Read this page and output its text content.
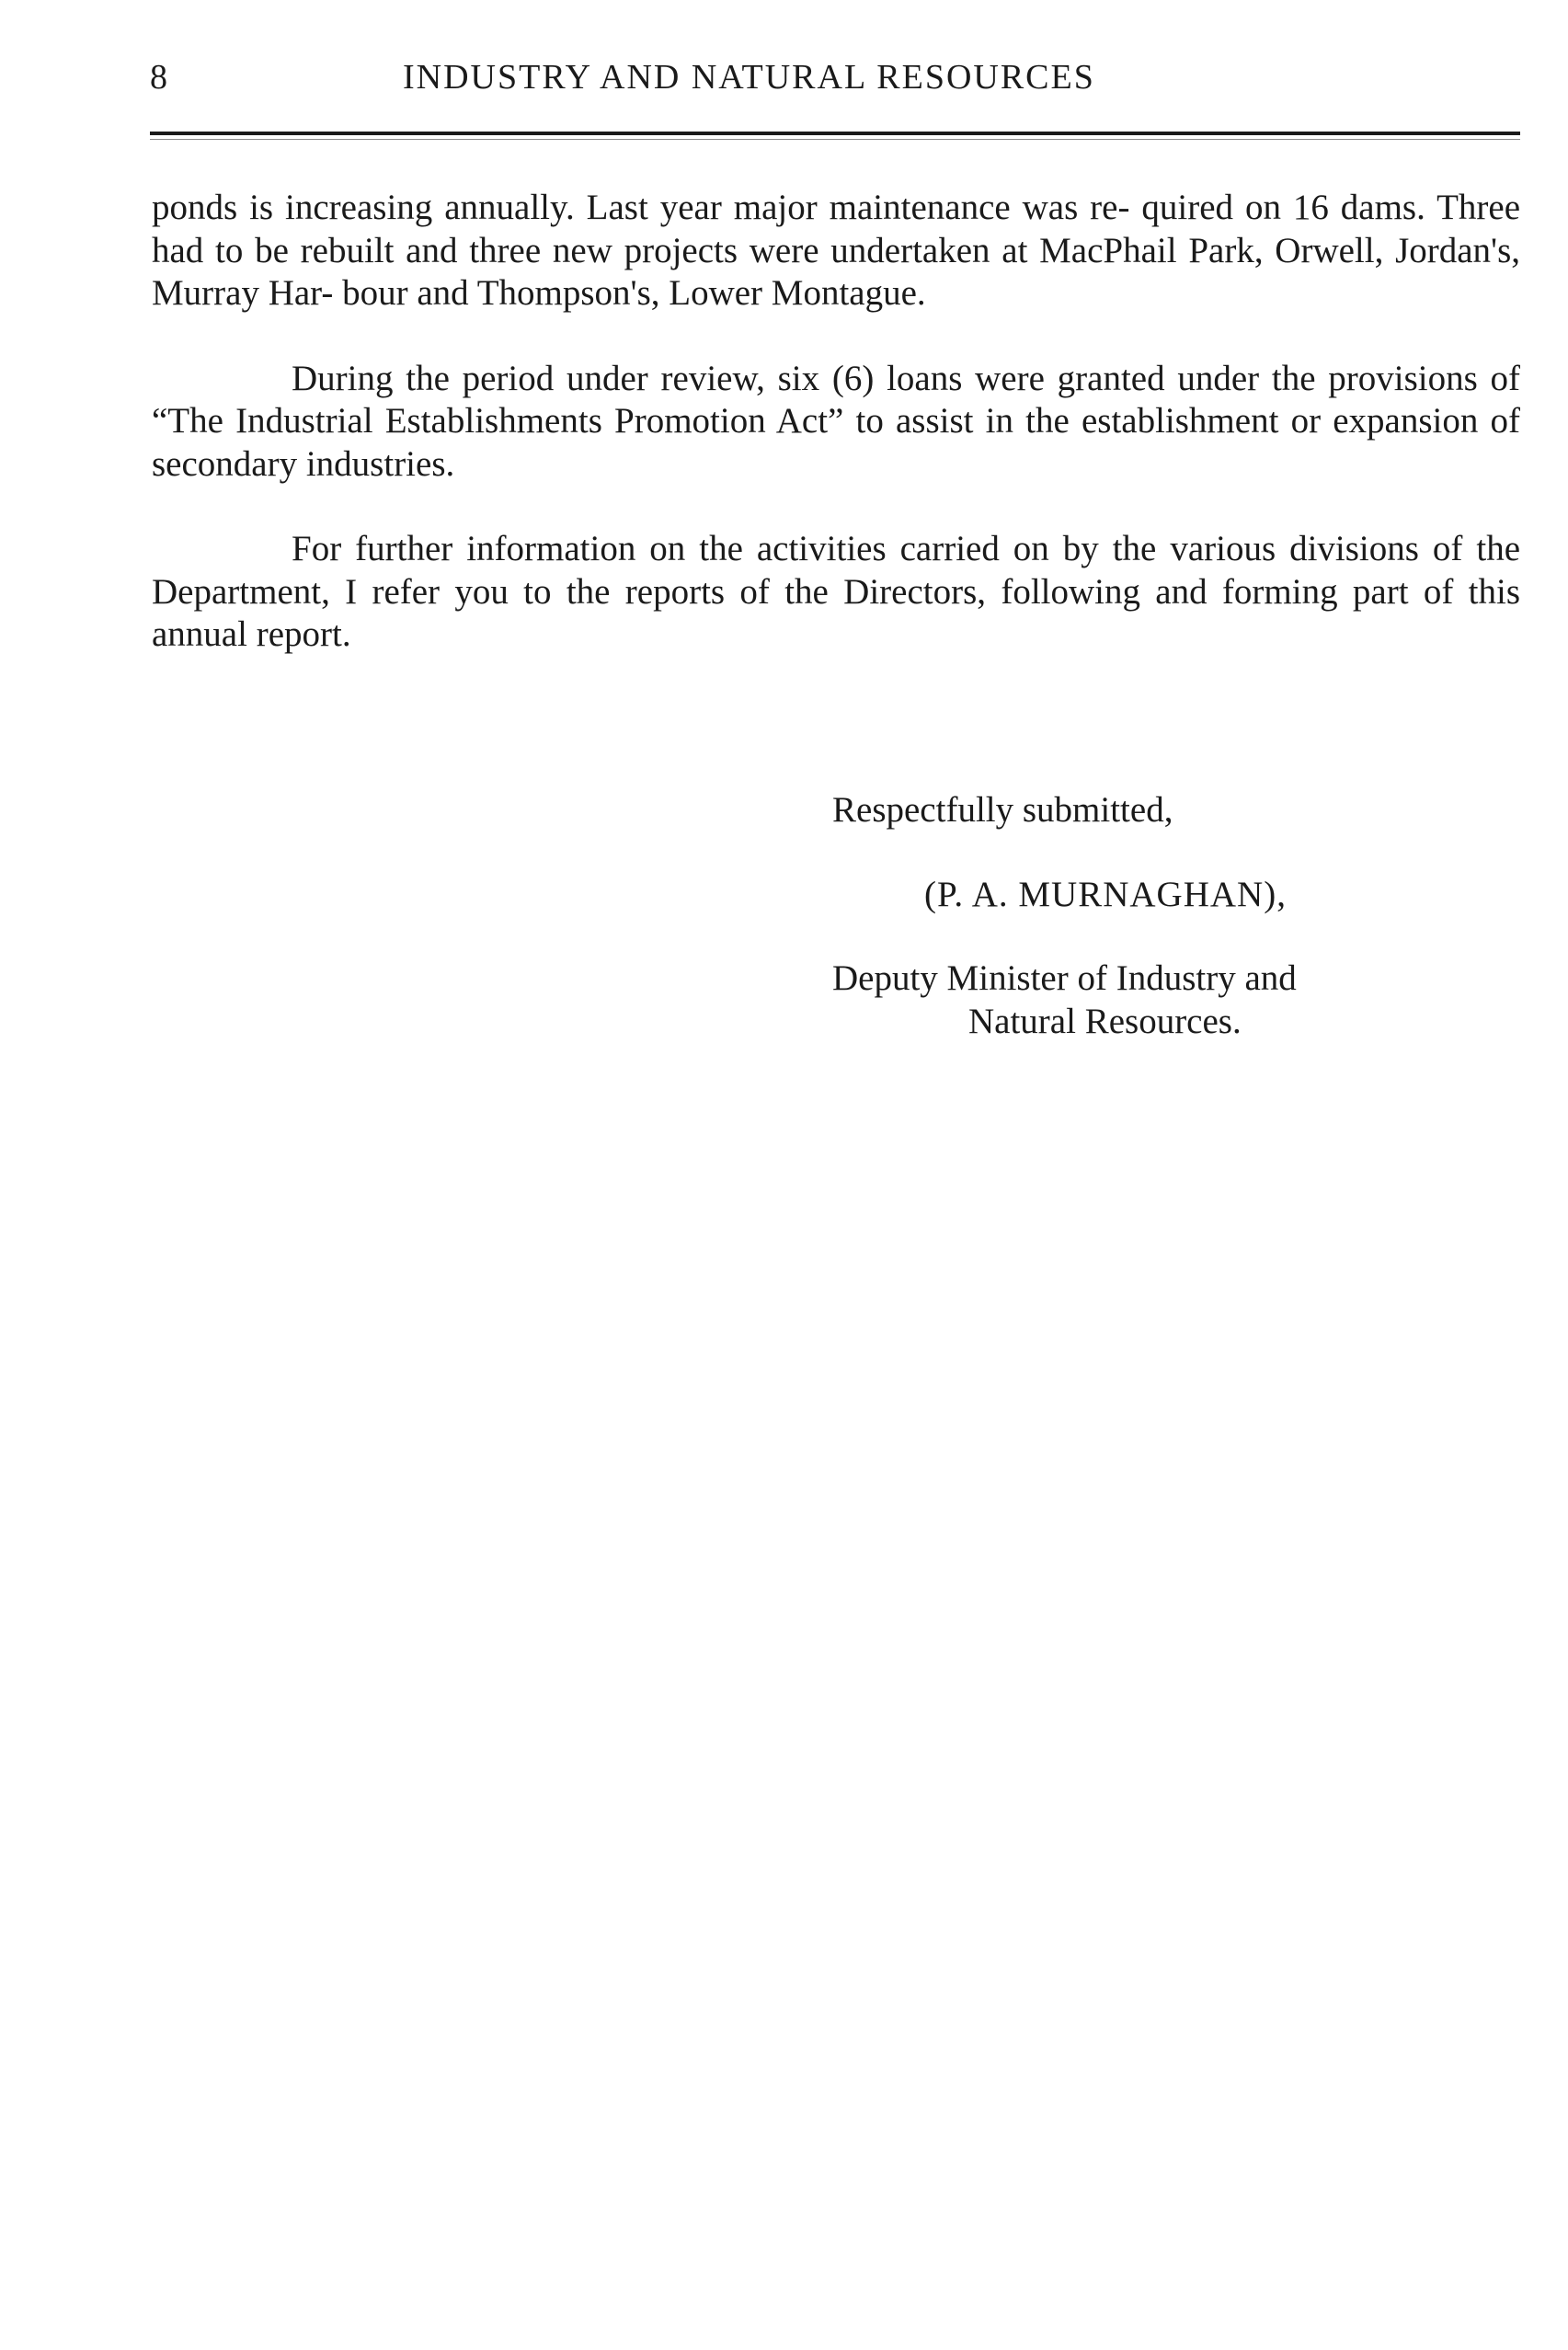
8	INDUSTRY AND NATURAL RESOURCES

ponds is increasing annually. Last year major maintenance was re- quired on 16 dams. Three had to be rebuilt and three new projects were undertaken at MacPhail Park, Orwell, Jordan's, Murray Har- bour and Thompson's, Lower Montague.

During the period under review, six (6) loans were granted under the provisions of “The Industrial Establishments Promotion Act” to assist in the establishment or expansion of secondary industries.

For further information on the activities carried on by the various divisions of the Department, I refer you to the reports of the Directors, following and forming part of this annual report.

Respectfully submitted,
(P. A. MURNAGHAN),
Deputy Minister of Industry and
Natural Resources.
